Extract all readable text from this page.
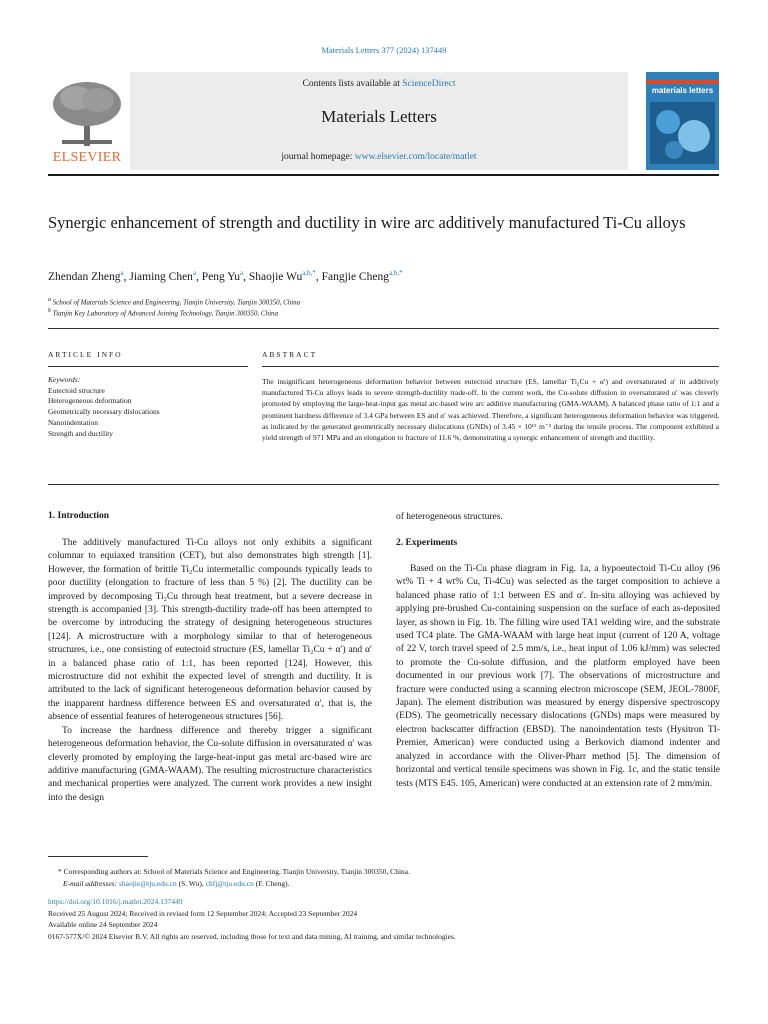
Materials Letters 377 (2024) 137449
ELSEVIER
Contents lists available at ScienceDirect
Materials Letters
journal homepage: www.elsevier.com/locate/matlet
materials letters
Synergic enhancement of strength and ductility in wire arc additively manufactured Ti-Cu alloys
Zhendan Zheng$^a$, Jiaming Chen$^a$, Peng Yu$^a$, Shaojie $Wu^{a,b,*}$, Fangjie Cheng$^{a,b,*}$
$^a$ School of Materials Science and Engineering, Tianjin University, Tianjin 300350, China
$^b$ Tianjin Key Laboratory of Advanced Joining Technology, Tianjin 300350, China
ARTICLE INFO	ABSTRACT
Keywords:
Eutectoid structure
Heterogeneous deformation
Geometrically necessary dislocations
Nanoindentation
Strength and ductility
The insignificant heterogeneous deformation behavior between eutectoid structure (ES, lamellar Ti₂Cu + α′) and oversaturated α′ in additively manufactured Ti-Cu alloys leads to severe strength-ductility trade-off. In the current work, the Cu-solute diffusion in oversaturated α′ was cleverly promoted by employing the large-heat-input gas metal arc-based wire arc additive manufacturing (GMA-WAAM). A balanced phase ratio of 1:1 and a prominent hardness difference of 3.4 GPa between ES and α′ was achieved. Therefore, a significant heterogeneous deformation behavior was triggered, as indicated by the generated geometrically necessary dislocations (GNDs) of 3.45 × 10¹⁵ m⁻² during the tensile process. The component exhibited a yield strength of 971 MPa and an elongation to fracture of 11.6 %, demonstrating a synergic enhancement of strength and ductility.
1. Introduction

The additively manufactured Ti-Cu alloys not only exhibits a significant columnar to equiaxed transition (CET), but also demonstrates high strength [1]. However, the formation of brittle Ti₂Cu intermetallic compounds typically leads to poor ductility (elongation to fracture of less than 5 %) [2]. The ductility can be improved by decomposing Ti₂Cu through heat treatment, but a severe decrease in strength is accompanied [3]. This strength-ductility trade-off has been attempted to be overcome by introducing the strategy of designing heterogeneous structures [124]. A microstructure with a morphology similar to that of heterogeneous structures, i.e., one consisting of eutectoid structure (ES, lamellar Ti₂Cu + α′) and α′ in a balanced phase ratio of 1:1, has been reported [124]. However, this microstructure did not exhibit the expected level of strength and ductility. It is attributed to the lack of significant heterogeneous deformation behavior caused by the inapparent hardness difference between ES and oversaturated α′, that is, the absence of essential features of heterogeneous structures [56].

To increase the hardness difference and thereby trigger a significant heterogeneous deformation behavior, the Cu-solute diffusion in oversaturated α′ was cleverly promoted by employing the large-heat-input gas metal arc-based wire arc additive manufacturing (GMA-WAAM). The resulting microstructure characteristics and mechanical properties were analyzed. The current work provides a new insight into the design

of heterogeneous structures.
2. Experiments

Based on the Ti-Cu phase diagram in Fig. 1a, a hypoeutectoid Ti-Cu alloy (96 wt% Ti + 4 wt% Cu, Ti-4Cu) was selected as the target composition to achieve a balanced phase ratio of 1:1 between ES and α′. In-situ alloying was achieved by applying pre-brushed Cu-containing suspension on the surface of each as-deposited layer, as shown in Fig. 1b. The filling wire used TA1 welding wire, and the substrate used TC4 plate. The GMA-WAAM with large heat input (current of 120 A, voltage of 22 V, torch travel speed of 2.5 mm/s, i.e., heat input of 1.06 kJ/mm) was selected to promote the Cu-solute diffusion, and the platform employed have been documented in our previous work [7]. The observations of microstructure and fracture were conducted using a scanning electron microscope (SEM, JEOL-7800F, Japan). The element distribution was measured by energy dispersive spectroscopy (EDS). The geometrically necessary dislocations (GNDs) maps were measured by electron backscatter diffraction (EBSD). The nanoindentation tests (Hysitron TI-Premier, American) were conducted using a Berkovich diamond indenter and analyzed in accordance with the Oliver-Pharr method [5]. The dimension of horizontal and vertical tensile specimens was shown in Fig. 1c, and the static tensile tests (MTS E45. 105, American) were conducted at an extension rate of 2 mm/min.

* Corresponding authors at: School of Materials Science and Engineering, Tianjin University, Tianjin 300350, China.
E-mail addresses: shaojie@tju.edu.cn (S. Wu), chfj@tju.edu.cn (F. Cheng).
https://doi.org/10.1016/j.matlet.2024.137449
Received 25 August 2024; Received in revised form 12 September 2024; Accepted 23 September 2024
Available online 24 September 2024
0167-577X/© 2024 Elsevier B.V. All rights are reserved, including those for text and data mining, AI training, and similar technologies.
